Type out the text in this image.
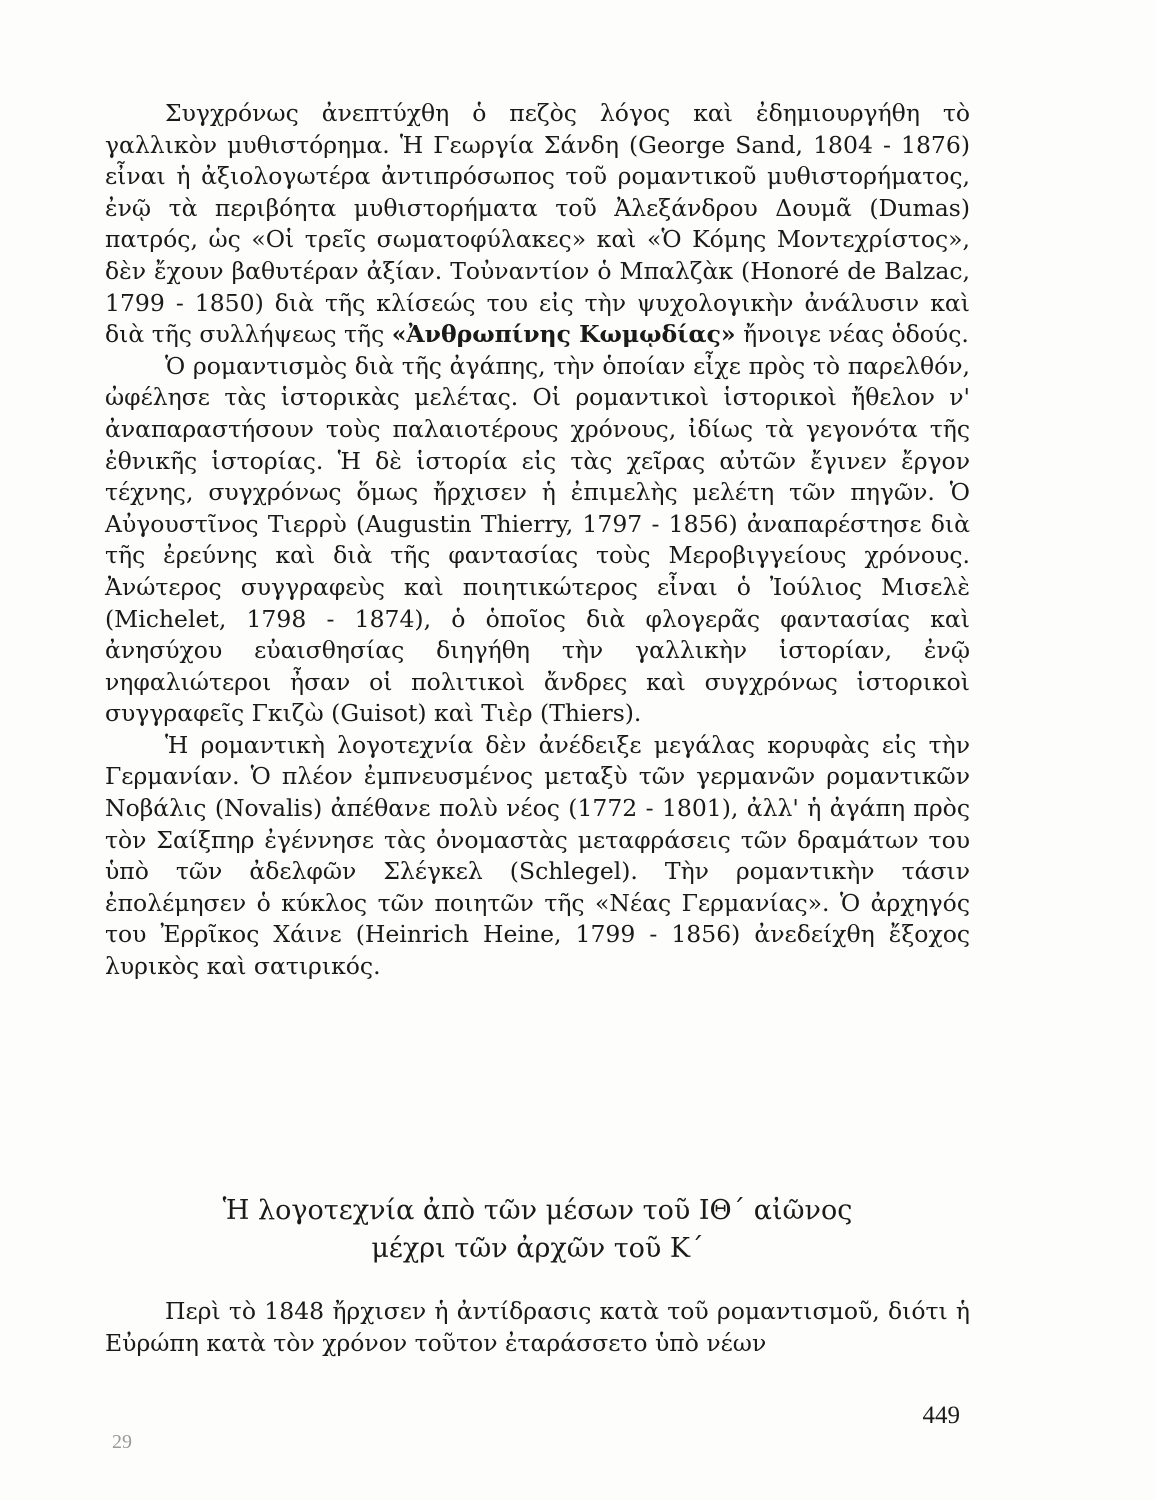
Συγχρόνως ἀνεπτύχθη ὁ πεζὸς λόγος καὶ ἐδημιουργήθη τὸ γαλλικὸν μυθιστόρημα. Ἡ Γεωργία Σάνδη (George Sand, 1804 - 1876) εἶναι ἡ ἀξιολογωτέρα ἀντιπρόσωπος τοῦ ρομαντικοῦ μυθιστορήματος, ἐνῷ τὰ περιβόητα μυθιστορήματα τοῦ Ἀλεξάνδρου Δουμᾶ (Dumas) πατρός, ὡς «Οἱ τρεῖς σωματοφύλακες» καὶ «Ὁ Κόμης Μοντεχρίστος», δὲν ἔχουν βαθυτέραν ἀξίαν. Τοὐναντίον ὁ Μπαλζὰκ (Honoré de Balzac, 1799 - 1850) διὰ τῆς κλίσεώς του εἰς τὴν ψυχολογικὴν ἀνάλυσιν καὶ διὰ τῆς συλλήψεως τῆς «Ἀνθρωπίνης Κωμῳδίας» ἤνοιγε νέας ὁδούς.

Ὁ ρομαντισμὸς διὰ τῆς ἀγάπης, τὴν ὁποίαν εἶχε πρὸς τὸ παρελθόν, ὠφέλησε τὰς ἱστορικὰς μελέτας. Οἱ ρομαντικοὶ ἱστορικοὶ ἤθελον ν' ἀναπαραστήσουν τοὺς παλαιοτέρους χρόνους, ἰδίως τὰ γεγονότα τῆς ἐθνικῆς ἱστορίας. Ἡ δὲ ἱστορία εἰς τὰς χεῖρας αὐτῶν ἔγινεν ἔργον τέχνης, συγχρόνως ὅμως ἤρχισεν ἡ ἐπιμελὴς μελέτη τῶν πηγῶν. Ὁ Αὐγουστῖνος Τιερρὺ (Augustin Thierry, 1797 - 1856) ἀναπαρέστησε διὰ τῆς ἐρεύνης καὶ διὰ τῆς φαντασίας τοὺς Μεροβιγγείους χρόνους. Ἀνώτερος συγγραφεὺς καὶ ποιητικώτερος εἶναι ὁ Ἰούλιος Μισελὲ (Michelet, 1798 - 1874), ὁ ὁποῖος διὰ φλογερᾶς φαντασίας καὶ ἀνησύχου εὐαισθησίας διηγήθη τὴν γαλλικὴν ἱστορίαν, ἐνῷ νηφαλιώτεροι ἦσαν οἱ πολιτικοὶ ἄνδρες καὶ συγχρόνως ἱστορικοὶ συγγραφεῖς Γκιζὼ (Guisot) καὶ Τιὲρ (Thiers).

Ἡ ρομαντικὴ λογοτεχνία δὲν ἀνέδειξε μεγάλας κορυφὰς εἰς τὴν Γερμανίαν. Ὁ πλέον ἐμπνευσμένος μεταξὺ τῶν γερμανῶν ρομαντικῶν Νοβάλις (Novalis) ἀπέθανε πολὺ νέος (1772 - 1801), ἀλλ' ἡ ἀγάπη πρὸς τὸν Σαίξπηρ ἐγέννησε τὰς ὀνομαστὰς μεταφράσεις τῶν δραμάτων του ὑπὸ τῶν ἀδελφῶν Σλέγκελ (Schlegel). Τὴν ρομαντικὴν τάσιν ἐπολέμησεν ὁ κύκλος τῶν ποιητῶν τῆς «Νέας Γερμανίας». Ὁ ἀρχηγός του Ἐρρῖκος Χάινε (Heinrich Heine, 1799 - 1856) ἀνεδείχθη ἔξοχος λυρικὸς καὶ σατιρικός.

Ἡ λογοτεχνία ἀπὸ τῶν μέσων τοῦ ΙΘ΄ αἰῶνος
μέχρι τῶν ἀρχῶν τοῦ Κ΄

Περὶ τὸ 1848 ἤρχισεν ἡ ἀντίδρασις κατὰ τοῦ ρομαντισμοῦ, διότι ἡ Εὐρώπη κατὰ τὸν χρόνον τοῦτον ἐταράσσετο ὑπὸ νέων

449
29
